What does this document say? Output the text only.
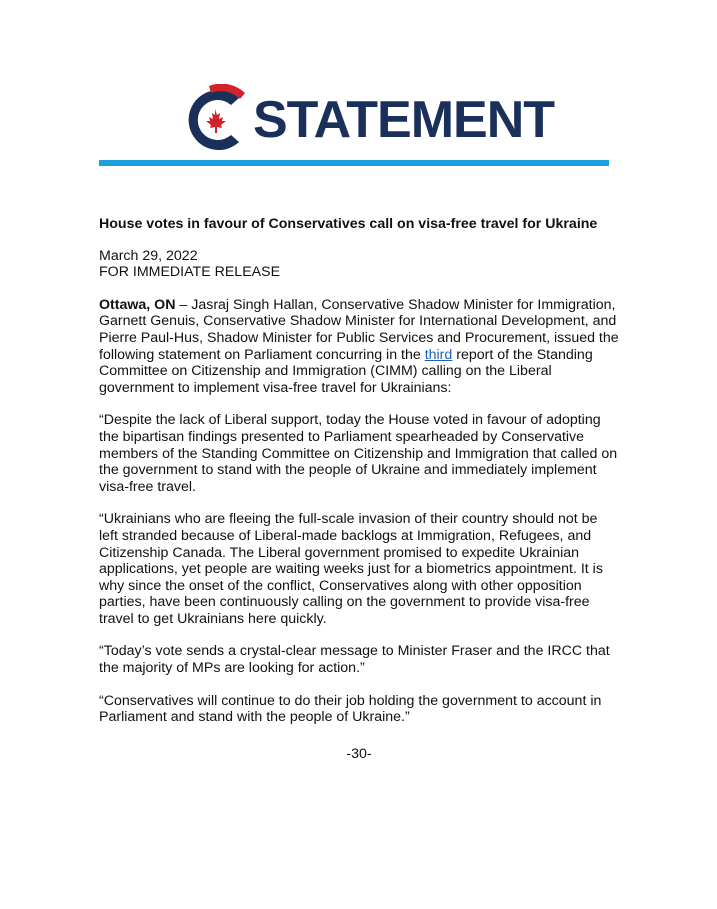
STATEMENT
House votes in favour of Conservatives call on visa-free travel for Ukraine
March 29, 2022
FOR IMMEDIATE RELEASE

Ottawa, ON – Jasraj Singh Hallan, Conservative Shadow Minister for Immigration, Garnett Genuis, Conservative Shadow Minister for International Development, and Pierre Paul-Hus, Shadow Minister for Public Services and Procurement, issued the following statement on Parliament concurring in the third report of the Standing Committee on Citizenship and Immigration (CIMM) calling on the Liberal government to implement visa-free travel for Ukrainians:

“Despite the lack of Liberal support, today the House voted in favour of adopting the bipartisan findings presented to Parliament spearheaded by Conservative members of the Standing Committee on Citizenship and Immigration that called on the government to stand with the people of Ukraine and immediately implement visa-free travel.

“Ukrainians who are fleeing the full-scale invasion of their country should not be left stranded because of Liberal-made backlogs at Immigration, Refugees, and Citizenship Canada. The Liberal government promised to expedite Ukrainian applications, yet people are waiting weeks just for a biometrics appointment. It is why since the onset of the conflict, Conservatives along with other opposition parties, have been continuously calling on the government to provide visa-free travel to get Ukrainians here quickly.

“Today’s vote sends a crystal-clear message to Minister Fraser and the IRCC that the majority of MPs are looking for action.”

“Conservatives will continue to do their job holding the government to account in Parliament and stand with the people of Ukraine.”

-30-
